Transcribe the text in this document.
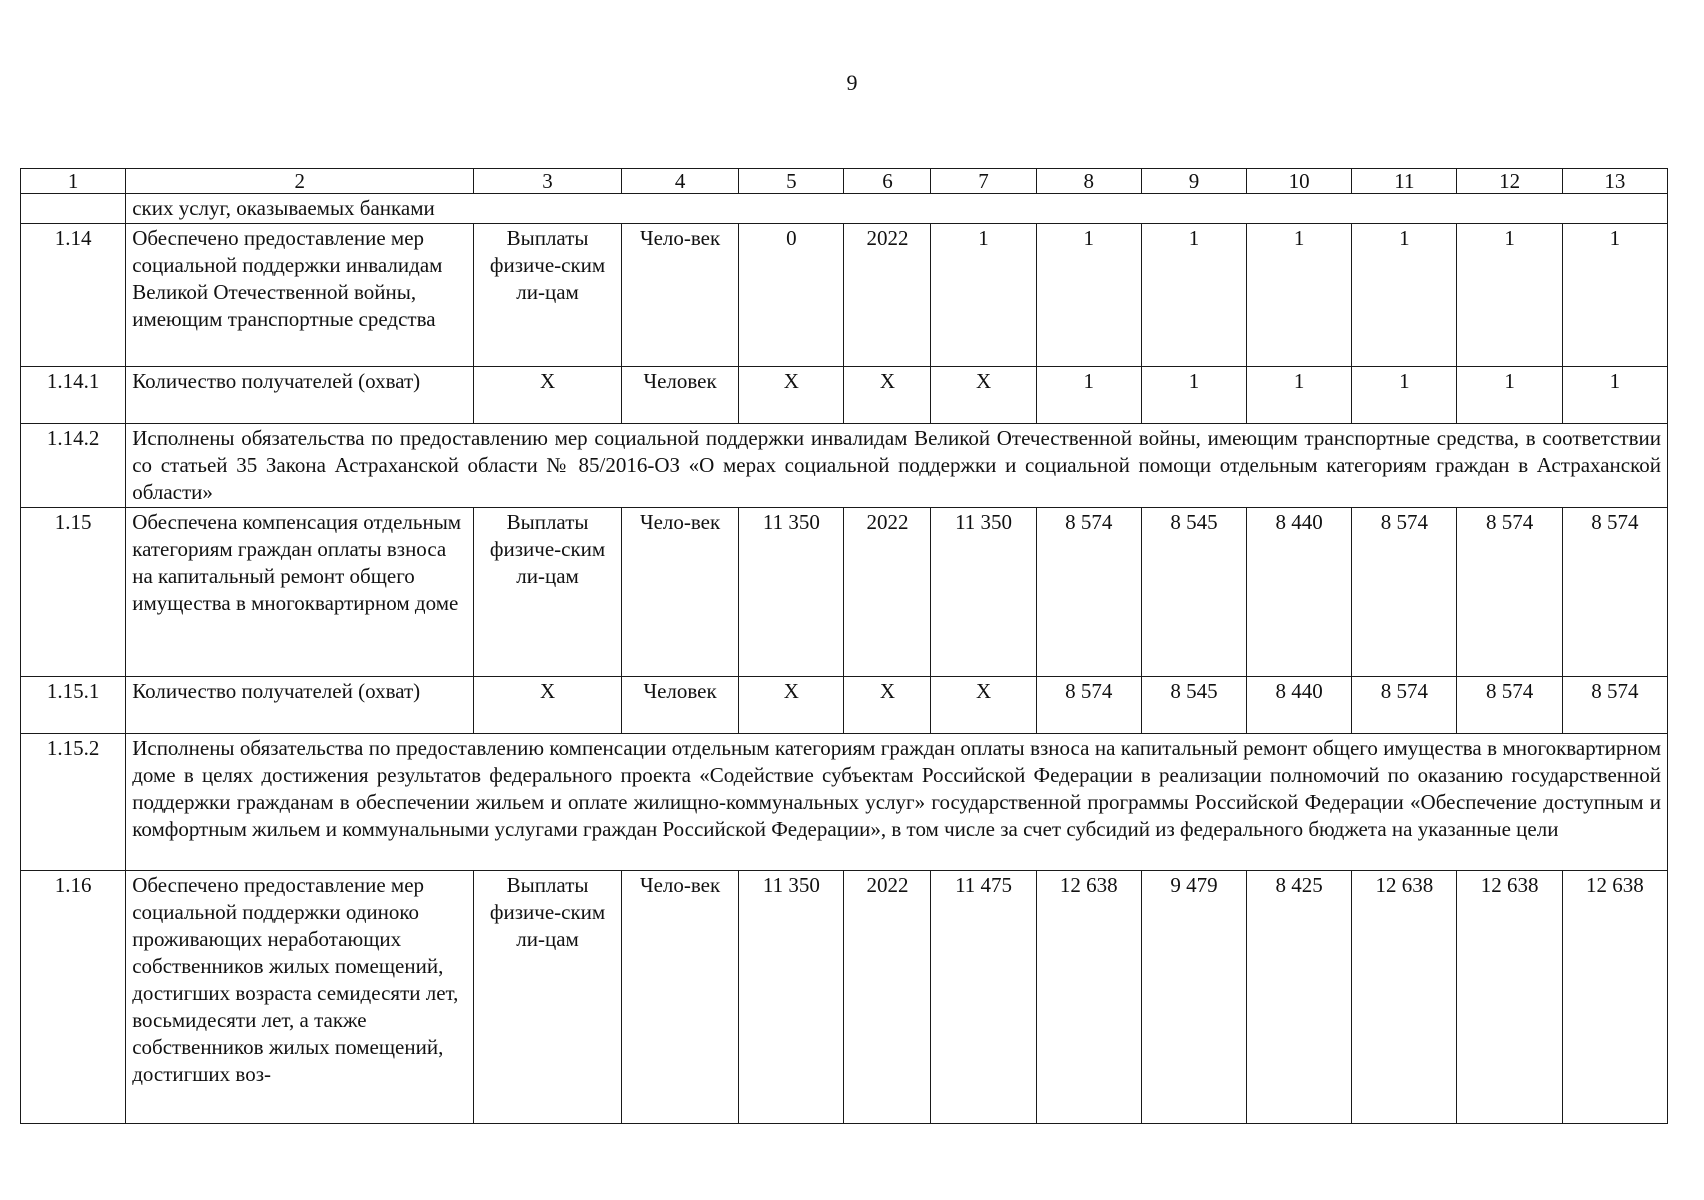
9
1	2	3	4	5	6	7	8	9	10	11	12	13
	ских услуг, оказываемых банками											
1.14	Обеспечено предоставление мер социальной поддержки инвалидам Великой Отечественной войны, имеющим транспортные средства	Выплаты физиче-ским ли-цам	Чело-век	0	2022	1	1	1	1	1	1	1
1.14.1	Количество получателей (охват)	X	Человек	X	X	X	1	1	1	1	1	1
1.14.2	Исполнены обязательства по предоставлению мер социальной поддержки инвалидам Великой Отечественной войны, имеющим транспортные средства, в соответствии со статьей 35 Закона Астраханской области № 85/2016-ОЗ «О мерах социальной поддержки и социальной помощи отдельным категориям граждан в Астраханской области»											
1.15	Обеспечена компенсация отдельным категориям граждан оплаты взноса на капитальный ремонт общего имущества в многоквартирном доме	Выплаты физиче-ским ли-цам	Чело-век	11 350	2022	11 350	8 574	8 545	8 440	8 574	8 574	8 574
1.15.1	Количество получателей (охват)	X	Человек	X	X	X	8 574	8 545	8 440	8 574	8 574	8 574
1.15.2	Исполнены обязательства по предоставлению компенсации отдельным категориям граждан оплаты взноса на капитальный ремонт общего имущества в многоквартирном доме в целях достижения результатов федерального проекта «Содействие субъектам Российской Федерации в реализации полномочий по оказанию государственной поддержки гражданам в обеспечении жильем и оплате жилищно-коммунальных услуг» государственной программы Российской Федерации «Обеспечение доступным и комфортным жильем и коммунальными услугами граждан Российской Федерации», в том числе за счет субсидий из федерального бюджета на указанные цели											
1.16	Обеспечено предоставление мер социальной поддержки одиноко проживающих неработающих собственников жилых помещений, достигших возраста семидесяти лет, восьмидесяти лет, а также собственников жилых помещений, достигших воз-	Выплаты физиче-ским ли-цам	Чело-век	11 350	2022	11 475	12 638	9 479	8 425	12 638	12 638	12 638
